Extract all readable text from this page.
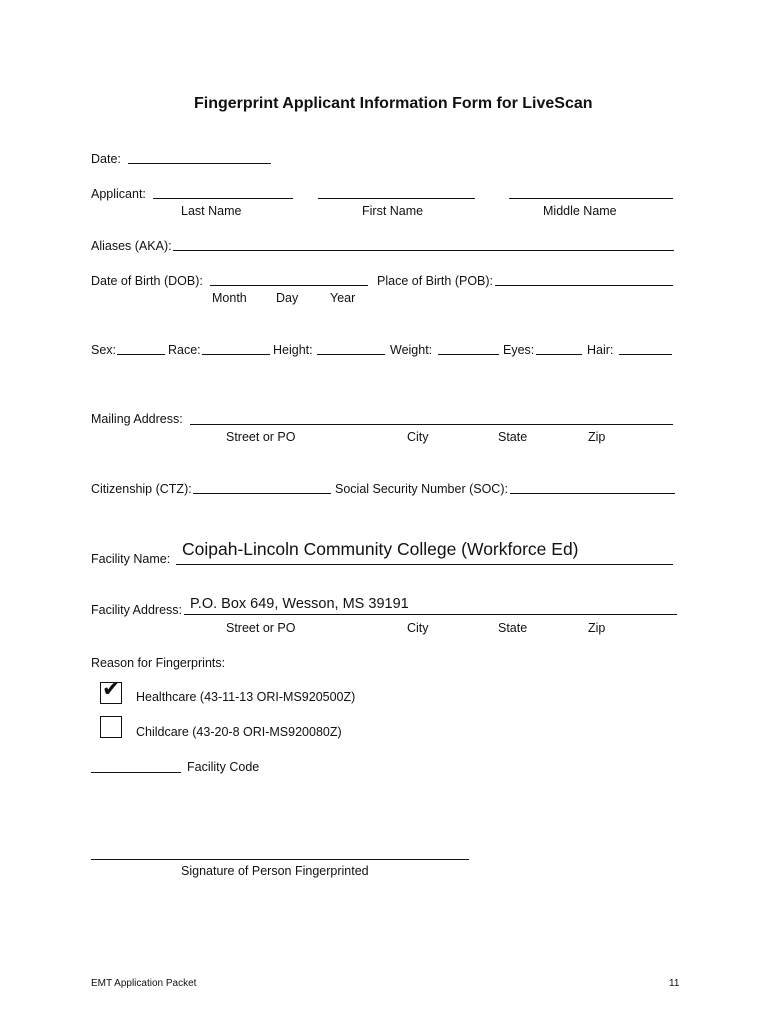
Fingerprint Applicant Information Form for LiveScan
Date:
Applicant:
Last Name	First Name	Middle Name
Aliases (AKA):
Date of Birth (DOB):	Place of Birth (POB):
Month Day	Year
Sex:	Race:	Height:	Weight:	Eyes:	Hair:
Mailing Address:
Street or PO	City	State	Zip
Citizenship (CTZ):	Social Security Number (SOC):
Facility Name: Coipah-Lincoln Community College (Workforce Ed)
Facility Address: P.O. Box 649, Wesson, MS 39191
Street or PO	City	State	Zip
Reason for Fingerprints:
✔ Healthcare (43-11-13 ORI-MS920500Z)
Childcare (43-20-8 ORI-MS920080Z)
Facility Code
Signature of Person Fingerprinted
EMT Application Packet	11
